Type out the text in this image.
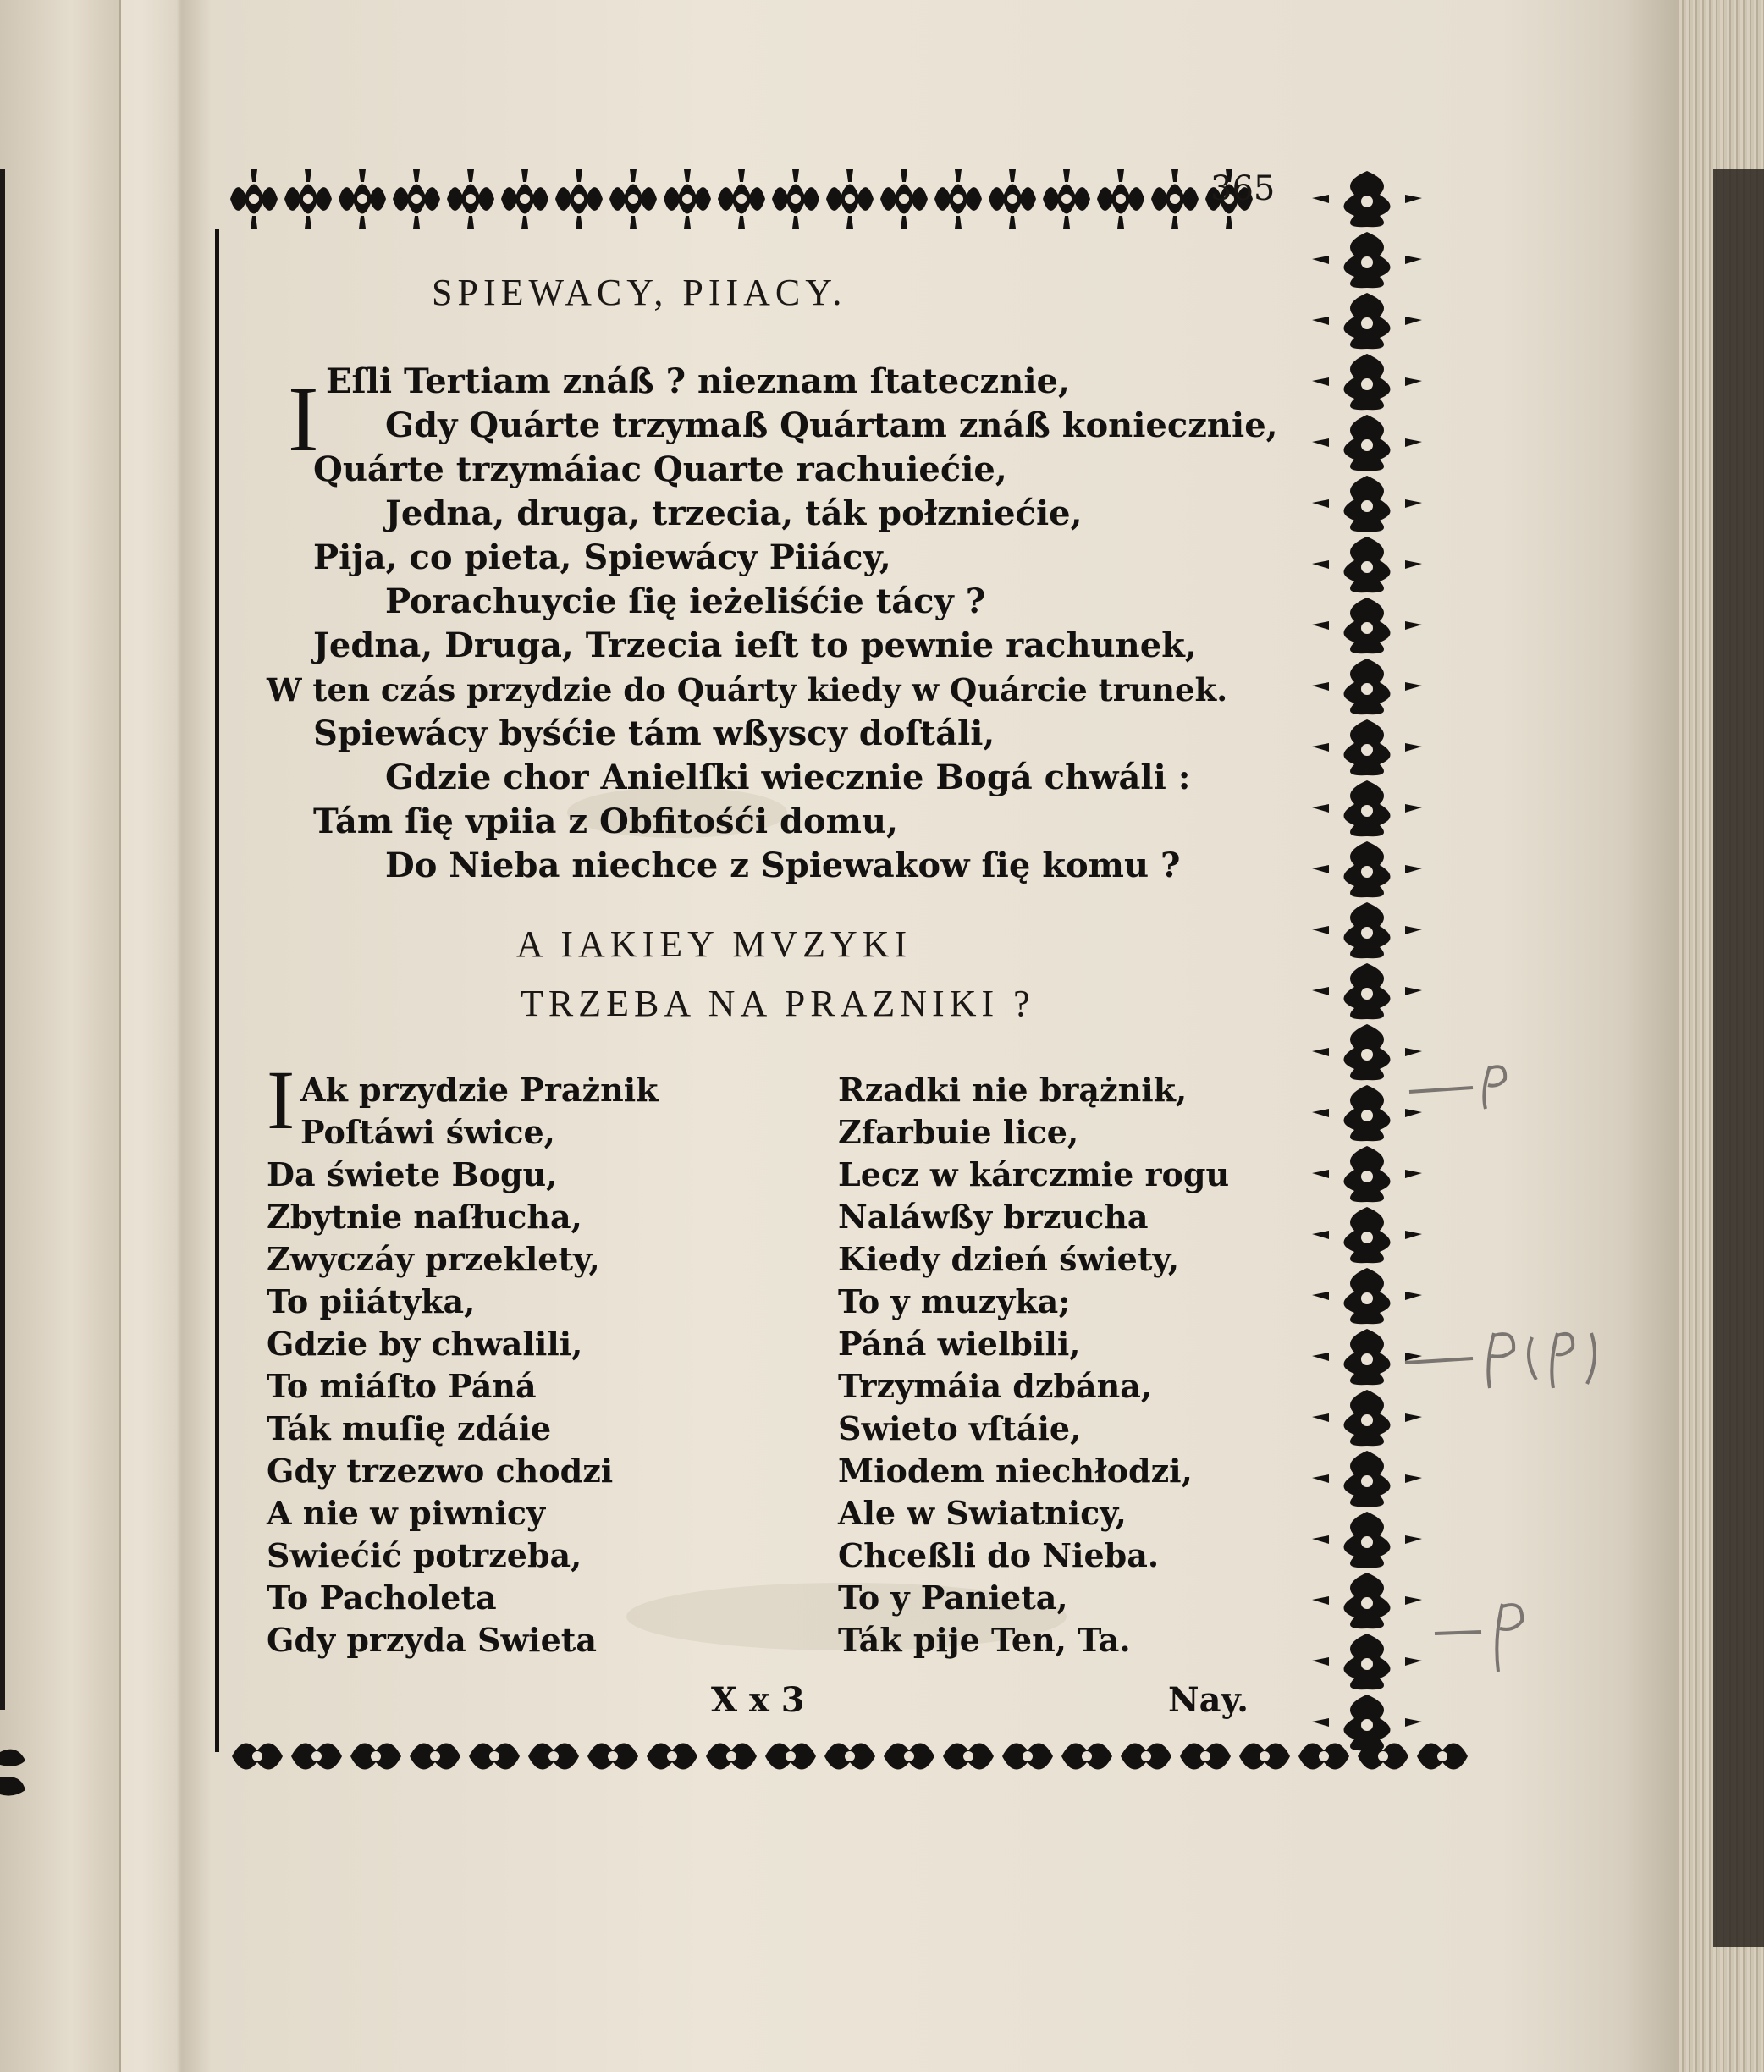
365
SPIEWACY, PIIACY.
I Eſli Tertiam znáß ? nieznam ſtatecznie,
Gdy Quárte trzymaß Quártam znáß koniecznie,
Quárte trzymáiac Quarte rachuiećie,
Jedna, druga, trzecia, ták połzniećie,
Pija, co pieta, Spiewácy Piiácy,
Porachuycie ſię ieżeliśćie tácy ?
Jedna, Druga, Trzecia ieſt to pewnie rachunek,
W ten czás przydzie do Quárty kiedy w Quárcie trunek.
Spiewácy byśćie tám wßyscy doſtáli,
Gdzie chor Anielſki wiecznie Bogá chwáli :
Tám ſię vpiia z Obfitośći domu,
Do Nieba niechce z Spiewakow ſię komu ?
A IAKIEY MVZYKI
TRZEBA NA PRAZNIKI ?
I Ak przydzie Prażnik
Poſtáwi świce,
Da świete Bogu,
Zbytnie naſłucha,
Zwyczáy przeklety,
To piiátyka,
Gdzie by chwalili,
To miáſto Páná
Ták muſię zdáie
Gdy trzezwo chodzi
A nie w piwnicy
Swiećić potrzeba,
To Pacholeta
Gdy przyda Swieta
Rzadki nie brążnik,
Zfarbuie lice,
Lecz w kárczmie rogu
Naláwßy brzucha
Kiedy dzień świety,
To y muzyka;
Páná wielbili,
Trzymáia dzbána,
Swieto vſtáie,
Miodem niechłodzi,
Ale w Swiatnicy,
Chceßli do Nieba.
To y Panieta,
Ták pije Ten, Ta.
X x 3	Nay.
